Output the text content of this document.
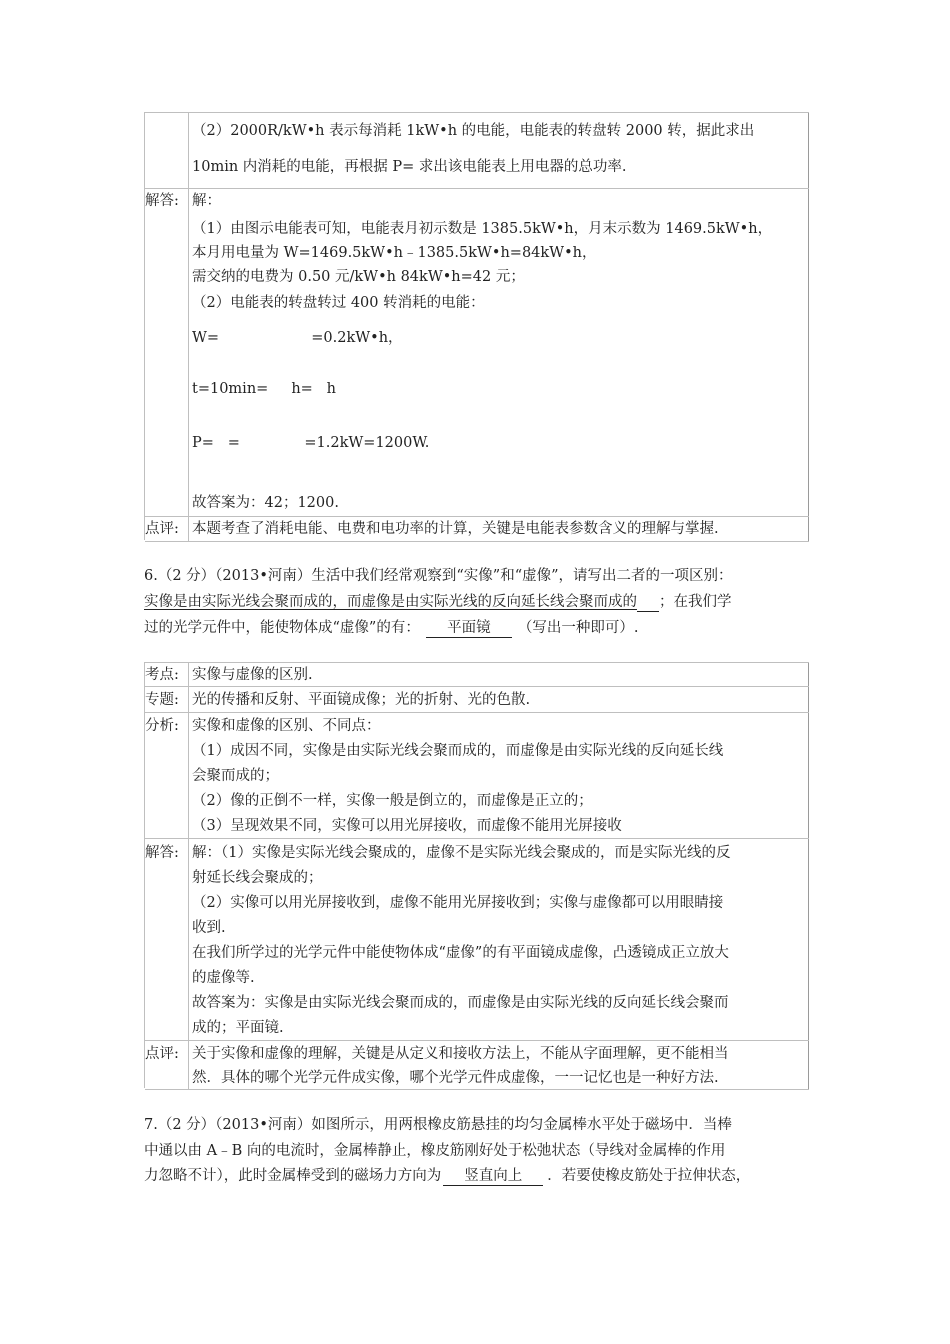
（2）2000R/kW•h 表示每消耗 1kW•h 的电能，电能表的转盘转 2000 转，据此求出
10min 内消耗的电能，再根据 P= 求出该电能表上用电器的总功率.
解答: 解：
（1）由图示电能表可知，电能表月初示数是 1385.5kW•h，月末示数为 1469.5kW•h，
本月用电量为 W=1469.5kW•h﹣1385.5kW•h=84kW•h，
需交纳的电费为 0.50 元/kW•h 84kW•h=42 元；
（2）电能表的转盘转过 400 转消耗的电能：
W=                    =0.2kW•h，
t=10min=     h=   h
P=   =              =1.2kW=1200W.
故答案为：42；1200.
点评: 本题考查了消耗电能、电费和电功率的计算，关键是电能表参数含义的理解与掌握.
6.（2 分）（2013•河南）生活中我们经常观察到“实像”和“虚像”，请写出二者的一项区别：
实像是由实际光线会聚而成的，而虚像是由实际光线的反向延长线会聚而成的 ；在我们学
过的光学元件中，能使物体成“虚像”的有： 平面镜 （写出一种即可）.
考点: 实像与虚像的区别.
专题: 光的传播和反射、平面镜成像；光的折射、光的色散.
分析: 实像和虚像的区别、不同点：
（1）成因不同，实像是由实际光线会聚而成的，而虚像是由实际光线的反向延长线
会聚而成的；
（2）像的正倒不一样，实像一般是倒立的，而虚像是正立的；
（3）呈现效果不同，实像可以用光屏接收，而虚像不能用光屏接收
解答: 解：（1）实像是实际光线会聚成的，虚像不是实际光线会聚成的，而是实际光线的反
射延长线会聚成的；
（2）实像可以用光屏接收到，虚像不能用光屏接收到；实像与虚像都可以用眼睛接
收到.
在我们所学过的光学元件中能使物体成“虚像”的有平面镜成虚像，凸透镜成正立放大
的虚像等.
故答案为：实像是由实际光线会聚而成的，而虚像是由实际光线的反向延长线会聚而
成的；平面镜.
点评: 关于实像和虚像的理解，关键是从定义和接收方法上，不能从字面理解，更不能相当
然．具体的哪个光学元件成实像，哪个光学元件成虚像，一一记忆也是一种好方法.
7.（2 分）（2013•河南）如图所示，用两根橡皮筋悬挂的均匀金属棒水平处于磁场中．当棒
中通以由 A﹣B 向的电流时，金属棒静止，橡皮筋刚好处于松弛状态（导线对金属棒的作用
力忽略不计），此时金属棒受到的磁场力方向为 竖直向上 ．若要使橡皮筋处于拉伸状态，
